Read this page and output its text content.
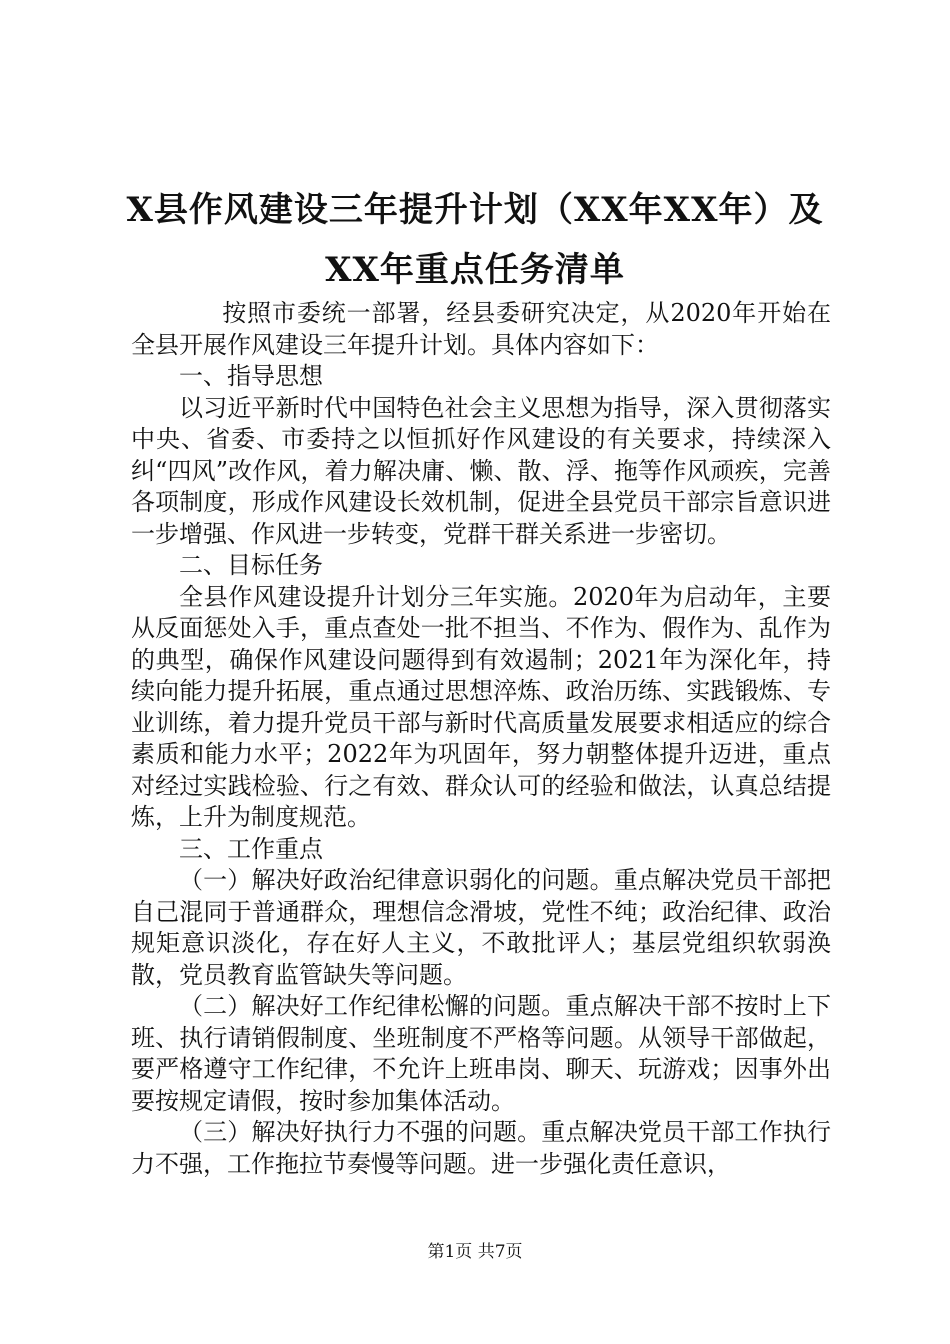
X县作风建设三年提升计划（XX年XX年）及
XX年重点任务清单

按照市委统一部署，经县委研究决定，从2020年开始在全县开展作风建设三年提升计划。具体内容如下：

一、指导思想

以习近平新时代中国特色社会主义思想为指导，深入贯彻落实中央、省委、市委持之以恒抓好作风建设的有关要求，持续深入纠“四风”改作风，着力解决庸、懒、散、浮、拖等作风顽疾，完善各项制度，形成作风建设长效机制，促进全县党员干部宗旨意识进一步增强、作风进一步转变，党群干群关系进一步密切。

二、目标任务

全县作风建设提升计划分三年实施。2020年为启动年，主要从反面惩处入手，重点查处一批不担当、不作为、假作为、乱作为的典型，确保作风建设问题得到有效遏制；2021年为深化年，持续向能力提升拓展，重点通过思想淬炼、政治历练、实践锻炼、专业训练，着力提升党员干部与新时代高质量发展要求相适应的综合素质和能力水平；2022年为巩固年，努力朝整体提升迈进，重点对经过实践检验、行之有效、群众认可的经验和做法，认真总结提炼，上升为制度规范。

三、工作重点

（一）解决好政治纪律意识弱化的问题。重点解决党员干部把自己混同于普通群众，理想信念滑坡，党性不纯；政治纪律、政治规矩意识淡化，存在好人主义，不敢批评人；基层党组织软弱涣散，党员教育监管缺失等问题。

（二）解决好工作纪律松懈的问题。重点解决干部不按时上下班、执行请销假制度、坐班制度不严格等问题。从领导干部做起，要严格遵守工作纪律，不允许上班串岗、聊天、玩游戏；因事外出要按规定请假，按时参加集体活动。

（三）解决好执行力不强的问题。重点解决党员干部工作执行力不强，工作拖拉节奏慢等问题。进一步强化责任意识，

第1页 共7页
